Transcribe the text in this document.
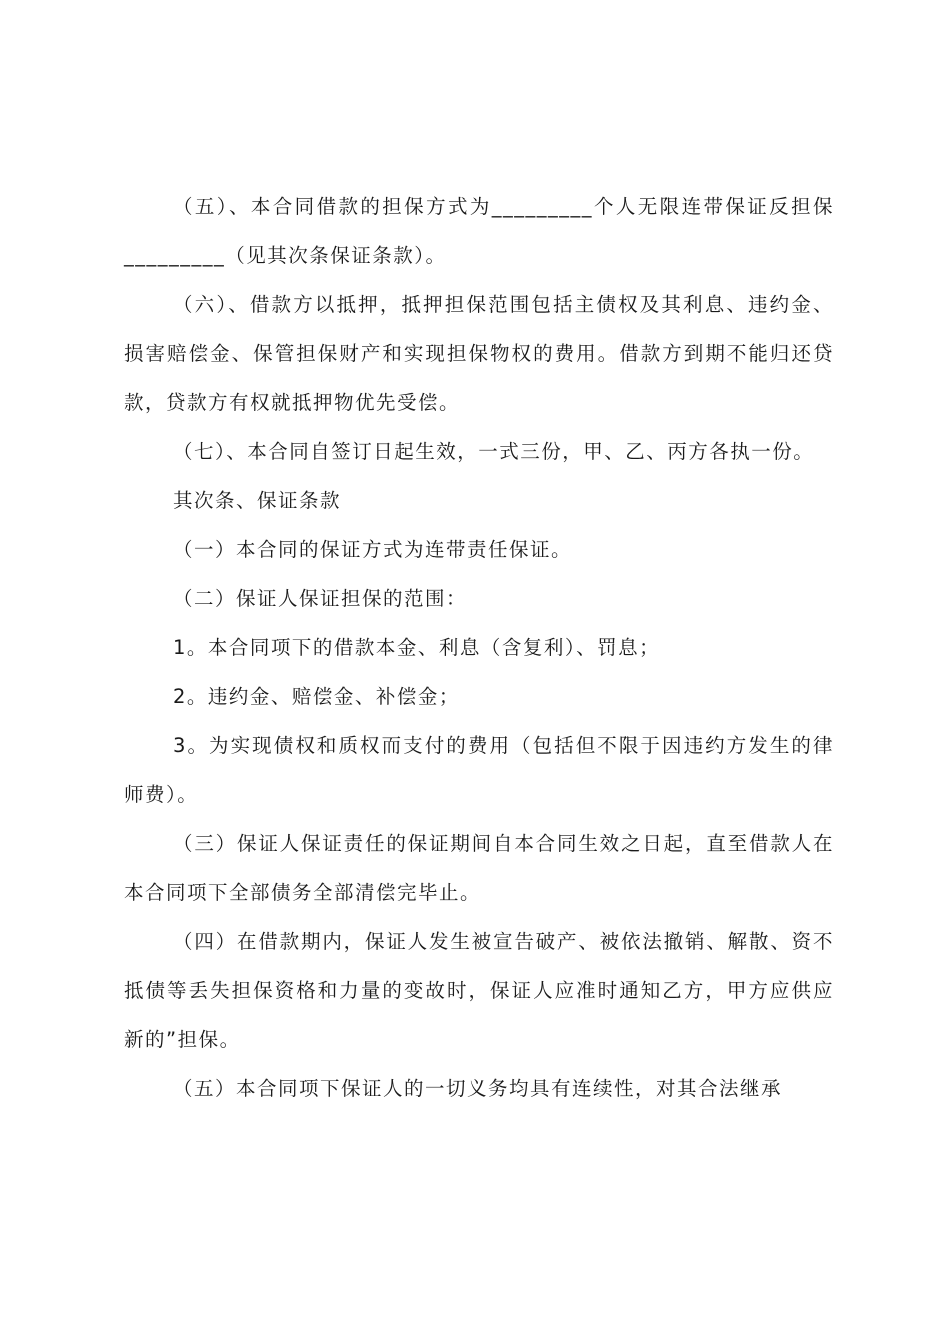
（五）、本合同借款的担保方式为_________个人无限连带保证反担保_________（见其次条保证条款）。

（六）、借款方以抵押，抵押担保范围包括主债权及其利息、违约金、损害赔偿金、保管担保财产和实现担保物权的费用。借款方到期不能归还贷款，贷款方有权就抵押物优先受偿。

（七）、本合同自签订日起生效，一式三份，甲、乙、丙方各执一份。

其次条、保证条款

（一）本合同的保证方式为连带责任保证。

（二）保证人保证担保的范围：

1。本合同项下的借款本金、利息（含复利）、罚息；

2。违约金、赔偿金、补偿金；

3。为实现债权和质权而支付的费用（包括但不限于因违约方发生的律师费）。

（三）保证人保证责任的保证期间自本合同生效之日起，直至借款人在本合同项下全部债务全部清偿完毕止。

（四）在借款期内，保证人发生被宣告破产、被依法撤销、解散、资不抵债等丢失担保资格和力量的变故时，保证人应准时通知乙方，甲方应供应新的”担保。

（五）本合同项下保证人的一切义务均具有连续性，对其合法继承
